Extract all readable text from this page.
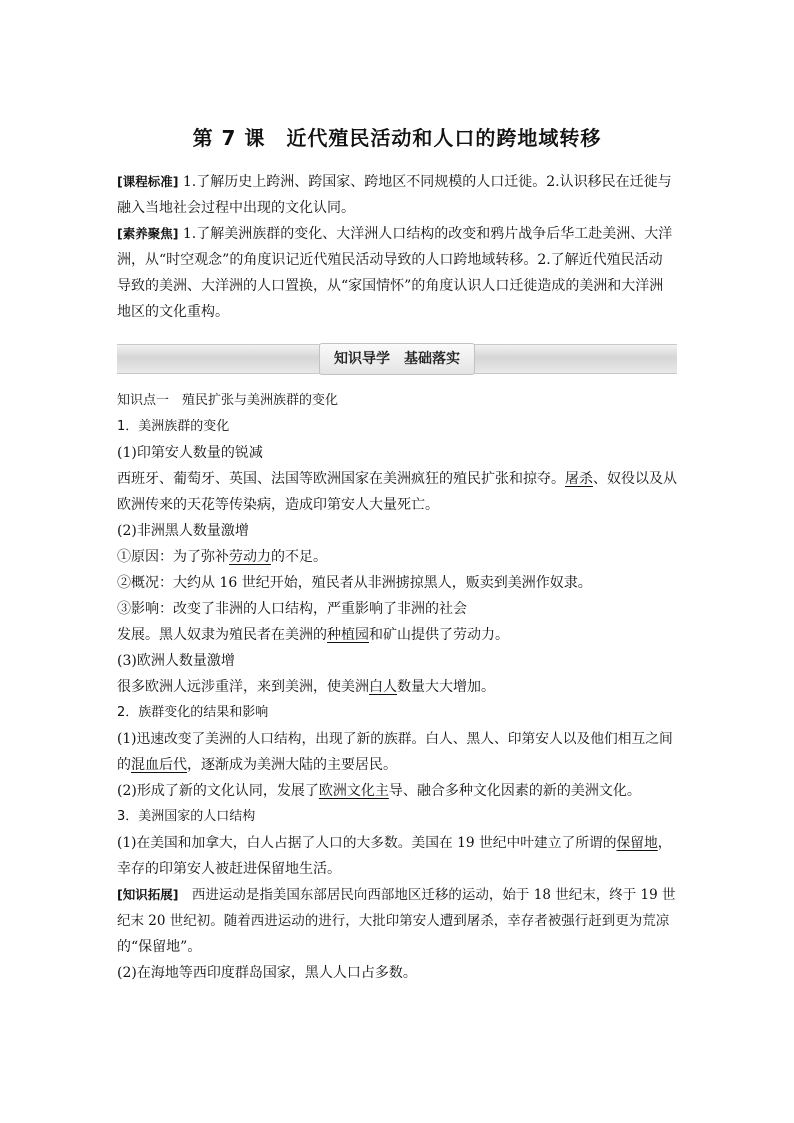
第 7 课　近代殖民活动和人口的跨地域转移

[课程标准] 1.了解历史上跨洲、跨国家、跨地区不同规模的人口迁徙。2.认识移民在迁徙与

融入当地社会过程中出现的文化认同。

[素养聚焦] 1.了解美洲族群的变化、大洋洲人口结构的改变和鸦片战争后华工赴美洲、大洋

洲，从“时空观念”的角度识记近代殖民活动导致的人口跨地域转移。2.了解近代殖民活动

导致的美洲、大洋洲的人口置换，从“家国情怀”的角度认识人口迁徙造成的美洲和大洋洲

地区的文化重构。

知识导学　基础落实

知识点一　殖民扩张与美洲族群的变化

1．美洲族群的变化

(1)印第安人数量的锐减

西班牙、葡萄牙、英国、法国等欧洲国家在美洲疯狂的殖民扩张和掠夺。屠杀、奴役以及从

欧洲传来的天花等传染病，造成印第安人大量死亡。

(2)非洲黑人数量激增

①原因：为了弥补劳动力的不足。

②概况：大约从 16 世纪开始，殖民者从非洲掳掠黑人，贩卖到美洲作奴隶。

③影响：改变了非洲的人口结构，严重影响了非洲的社会

发展。黑人奴隶为殖民者在美洲的种植园和矿山提供了劳动力。

(3)欧洲人数量激增

很多欧洲人远涉重洋，来到美洲，使美洲白人数量大大增加。

2．族群变化的结果和影响

(1)迅速改变了美洲的人口结构，出现了新的族群。白人、黑人、印第安人以及他们相互之间

的混血后代，逐渐成为美洲大陆的主要居民。

(2)形成了新的文化认同，发展了欧洲文化主导、融合多种文化因素的新的美洲文化。

3．美洲国家的人口结构

(1)在美国和加拿大，白人占据了人口的大多数。美国在 19 世纪中叶建立了所谓的保留地，

幸存的印第安人被赶进保留地生活。

[知识拓展]　西进运动是指美国东部居民向西部地区迁移的运动，始于 18 世纪末，终于 19 世

纪末 20 世纪初。随着西进运动的进行，大批印第安人遭到屠杀，幸存者被强行赶到更为荒凉

的“保留地”。

(2)在海地等西印度群岛国家，黑人人口占多数。
